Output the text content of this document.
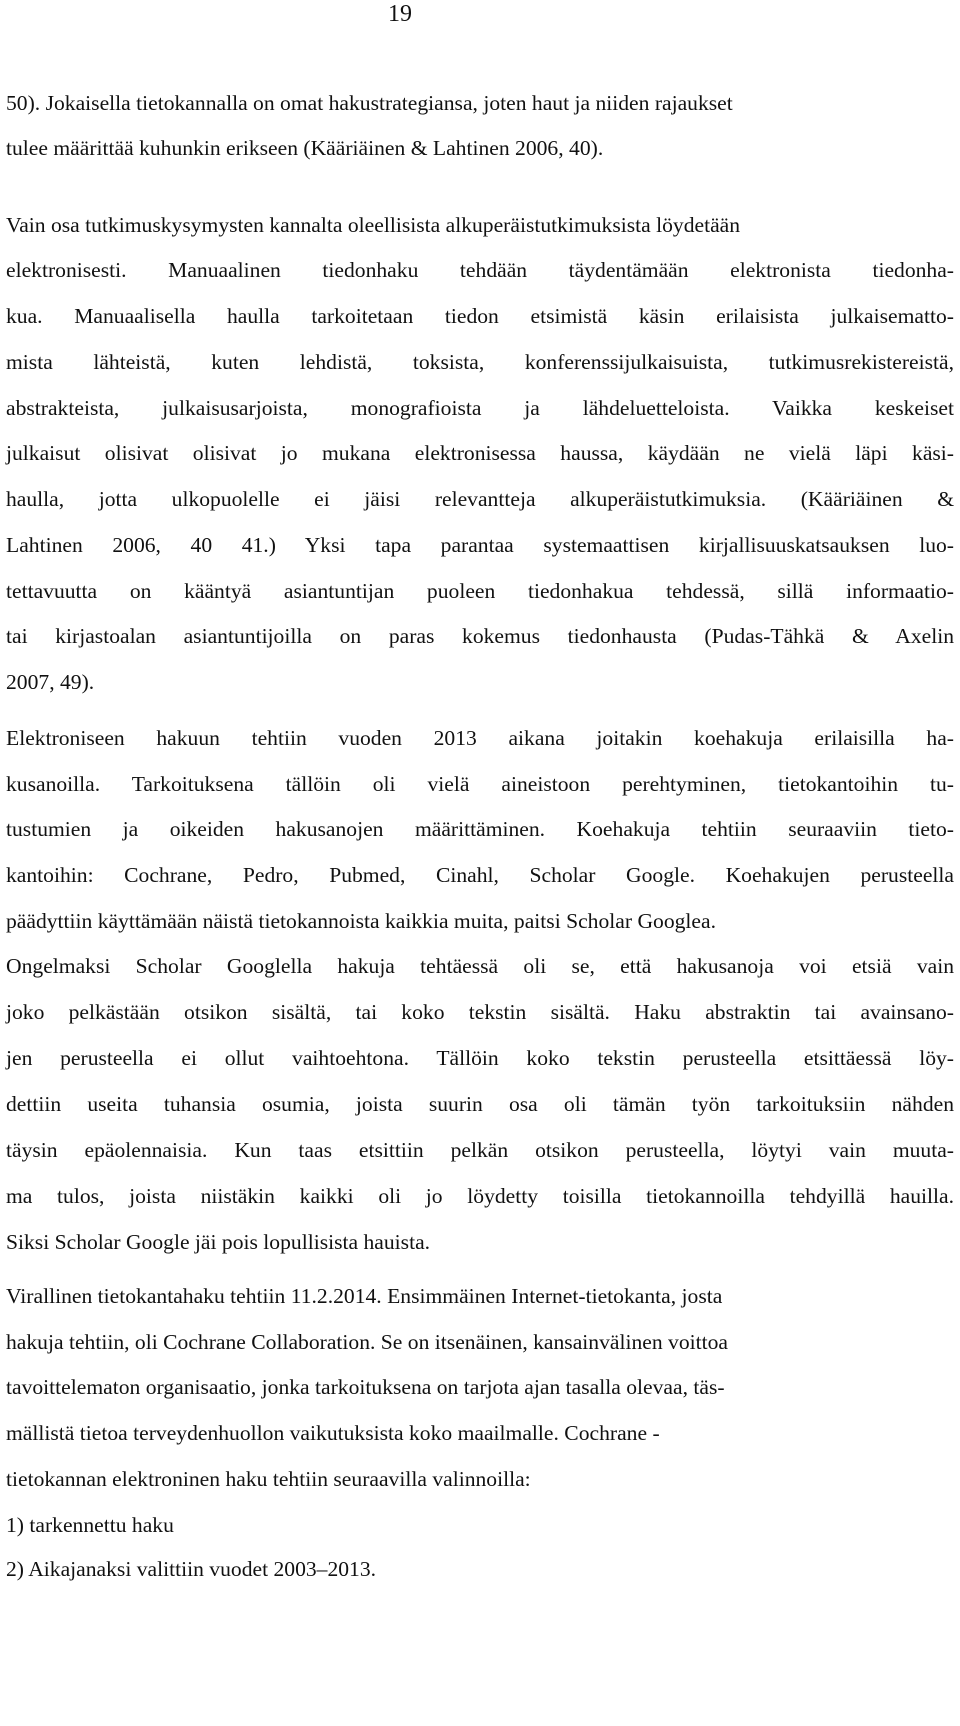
19

50). Jokaisella tietokannalla on omat hakustrategiansa, joten haut ja niiden rajaukset

tulee määrittää kuhunkin erikseen (Kääriäinen & Lahtinen 2006, 40).

Vain osa tutkimuskysymysten kannalta oleellisista alkuperäistutkimuksista löydetään

elektronisesti. Manuaalinen tiedonhaku tehdään täydentämään elektronista tiedonha-

kua. Manuaalisella haulla tarkoitetaan tiedon etsimistä käsin erilaisista julkaisematto-

mista lähteistä, kuten lehdistä, toksista, konferenssijulkaisuista, tutkimusrekistereistä,

abstrakteista, julkaisusarjoista, monografioista ja lähdeluetteloista. Vaikka keskeiset

julkaisut olisivat olisivat jo mukana elektronisessa haussa, käydään ne vielä läpi käsi-

haulla, jotta ulkopuolelle ei jäisi relevantteja alkuperäistutkimuksia. (Kääriäinen &

Lahtinen 2006, 40 41.) Yksi tapa parantaa systemaattisen kirjallisuuskatsauksen luo-

tettavuutta on kääntyä asiantuntijan puoleen tiedonhakua tehdessä, sillä informaatio-

tai kirjastoalan asiantuntijoilla on paras kokemus tiedonhausta (Pudas-Tähkä & Axelin

2007, 49).

Elektroniseen hakuun tehtiin vuoden 2013 aikana joitakin koehakuja erilaisilla ha-

kusanoilla. Tarkoituksena tällöin oli vielä aineistoon perehtyminen, tietokantoihin tu-

tustumien ja oikeiden hakusanojen määrittäminen. Koehakuja tehtiin seuraaviin tieto-

kantoihin: Cochrane, Pedro, Pubmed, Cinahl, Scholar Google. Koehakujen perusteella

päädyttiin käyttämään näistä tietokannoista kaikkia muita, paitsi Scholar Googlea.

Ongelmaksi Scholar Googlella hakuja tehtäessä oli se, että hakusanoja voi etsiä vain

joko pelkästään otsikon sisältä, tai koko tekstin sisältä. Haku abstraktin tai avainsano-

jen perusteella ei ollut vaihtoehtona. Tällöin koko tekstin perusteella etsittäessä löy-

dettiin useita tuhansia osumia, joista suurin osa oli tämän työn tarkoituksiin nähden

täysin epäolennaisia. Kun taas etsittiin pelkän otsikon perusteella, löytyi vain muuta-

ma tulos, joista niistäkin kaikki oli jo löydetty toisilla tietokannoilla tehdyillä hauilla.

Siksi Scholar Google jäi pois lopullisista hauista.

Virallinen tietokantahaku tehtiin 11.2.2014. Ensimmäinen Internet-tietokanta, josta

hakuja tehtiin, oli Cochrane Collaboration. Se on itsenäinen, kansainvälinen voittoa

tavoittelematon organisaatio, jonka tarkoituksena on tarjota ajan tasalla olevaa, täs-

mällistä tietoa terveydenhuollon vaikutuksista koko maailmalle. Cochrane -

tietokannan elektroninen haku tehtiin seuraavilla valinnoilla:

1) tarkennettu haku

2) Aikajanaksi valittiin vuodet 2003–2013.
